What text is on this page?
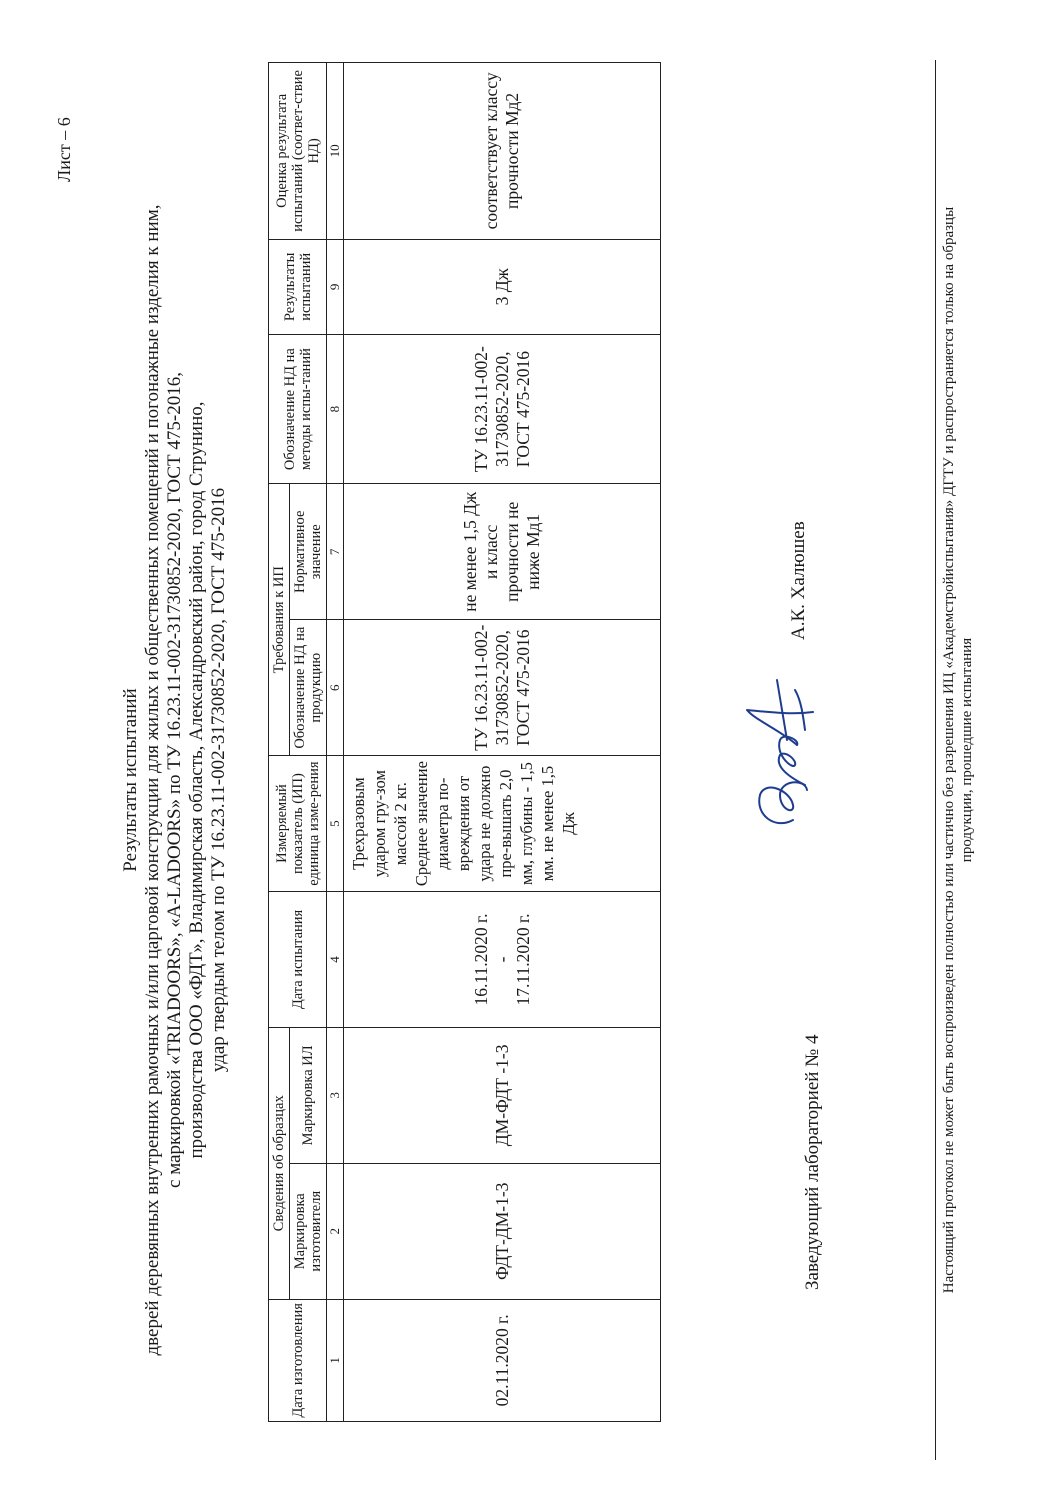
Лист – 6
Результаты испытаний дверей деревянных внутренних рамочных и/или царговой конструкции для жилых и общественных помещений и погонажные изделия к ним, с маркировкой «TRIADOORS», «A-LADOORS» по ТУ 16.23.11-002-31730852-2020, ГОСТ 475-2016, производства ООО «ФДТ», Владимирская область, Александровский район, город Струнино, удар твердым телом по ТУ 16.23.11-002-31730852-2020, ГОСТ 475-2016
Дата изготовления	Сведения об образцах		Дата испытания	Измеряемый показатель (ИП) единица изме-рения	Требования к ИП		Обозначение НД на методы испы-таний	Результаты испытаний	Оценка результата испытаний (соответ-ствие НД)
	Маркировка изготовителя	Маркировка ИЛ			Обозначение НД на продукцию	Нормативное значение			
1	2	3	4	5	6	7	8	9	10
02.11.2020 г.	ФДТ-ДМ-1-3	ДМ-ФДТ -1-3	16.11.2020 г. - 17.11.2020 г.	Трехразовым ударом гру-зом массой 2 кг. Среднее значение диаметра по-вреждения от удара не должно пре-вышать 2,0 мм, глубины - 1,5 мм. не менее 1,5 Дж	ТУ 16.23.11-002-31730852-2020, ГОСТ 475-2016	не менее 1,5 Дж и класс прочности не ниже Мд1	ТУ 16.23.11-002-31730852-2020, ГОСТ 475-2016	3 Дж	соответствует классу прочности Мд2
Заведующий лабораторией № 4
А.К. Халюшев	Настоящий протокол не может быть воспроизведен полностью или частично без разрешения ИЦ «Академстройиспытания» ДГТУ и распространяется только на образцы продукции, прошедшие испытания
